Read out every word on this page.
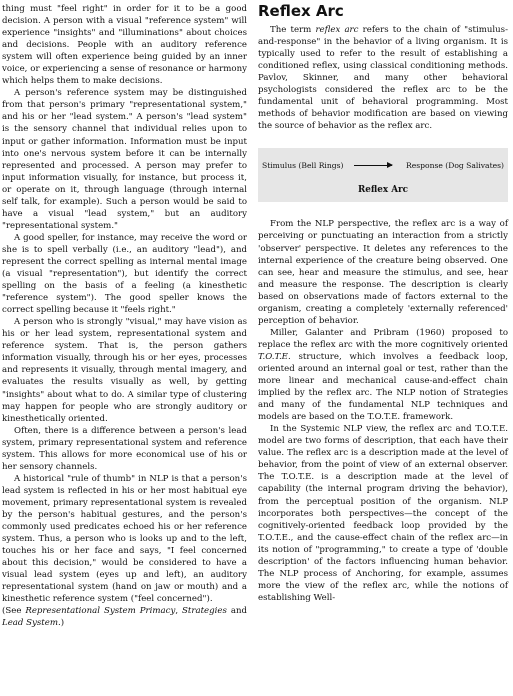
thing must "feel right" in order for it to be a good decision. A person with a visual "reference system" will experience "insights" and "illuminations" about choices and decisions. People with an auditory reference system will often experience being guided by an inner voice, or experiencing a sense of resonance or harmony which helps them to make decisions.

A person's reference system may be distinguished from that person's primary "representational system," and his or her "lead system." A person's "lead system" is the sensory channel that individual relies upon to input or gather information. Information must be input into one's nervous system before it can be internally represented and processed. A person may prefer to input information visually, for instance, but process it, or operate on it, through language (through internal self talk, for example). Such a person would be said to have a visual "lead system," but an auditory "representational system."

A good speller, for instance, may receive the word or she is to spell verbally (i.e., an auditory "lead"), and represent the correct spelling as internal mental image (a visual "representation"), but identify the correct spelling on the basis of a feeling (a kinesthetic "reference system"). The good speller knows the correct spelling because it "feels right."

A person who is strongly "visual," may have vision as his or her lead system, representational system and reference system. That is, the person gathers information visually, through his or her eyes, processes and represents it visually, through mental imagery, and evaluates the results visually as well, by getting "insights" about what to do. A similar type of clustering may happen for people who are strongly auditory or kinesthetically oriented.

Often, there is a difference between a person's lead system, primary representational system and reference system. This allows for more economical use of his or her sensory channels.

A historical "rule of thumb" in NLP is that a person's lead system is reflected in his or her most habitual eye movement, primary representational system is revealed by the person's habitual gestures, and the person's commonly used predicates echoed his or her reference system. Thus, a person who is looks up and to the left, touches his or her face and says, "I feel concerned about this decision," would be considered to have a visual lead system (eyes up and left), an auditory representational system (hand on jaw or mouth) and a kinesthetic reference system ("feel concerned").

(See Representational System Primacy, Strategies and Lead System.)

Reflex Arc

The term reflex arc refers to the chain of "stimulus-and-response" in the behavior of a living organism. It is typically used to refer to the result of establishing a conditioned reflex, using classical conditioning methods. Pavlov, Skinner, and many other behavioral psychologists considered the reflex arc to be the fundamental unit of behavioral programming. Most methods of behavior modification are based on viewing the source of behavior as the reflex arc.

Stimulus (Bell Rings)	Response (Dog Salivates)
Reflex Arc

From the NLP perspective, the reflex arc is a way of perceiving or punctuating an interaction from a strictly 'observer' perspective. It deletes any references to the internal experience of the creature being observed. One can see, hear and measure the stimulus, and see, hear and measure the response. The description is clearly based on observations made of factors external to the organism, creating a completely 'externally referenced' perception of behavior.

Miller, Galanter and Pribram (1960) proposed to replace the reflex arc with the more cognitively oriented T.O.T.E. structure, which involves a feedback loop, oriented around an internal goal or test, rather than the more linear and mechanical cause-and-effect chain implied by the reflex arc. The NLP notion of Strategies and many of the fundamental NLP techniques and models are based on the T.O.T.E. framework.

In the Systemic NLP view, the reflex arc and T.O.T.E. model are two forms of description, that each have their value. The reflex arc is a description made at the level of behavior, from the point of view of an external observer. The T.O.T.E. is a description made at the level of capability (the internal program driving the behavior), from the perceptual position of the organism. NLP incorporates both perspectives—the concept of the cognitively-oriented feedback loop provided by the T.O.T.E., and the cause-effect chain of the reflex arc—in its notion of "programming," to create a type of 'double description' of the factors influencing human behavior. The NLP process of Anchoring, for example, assumes more the view of the reflex arc, while the notions of establishing Well-
